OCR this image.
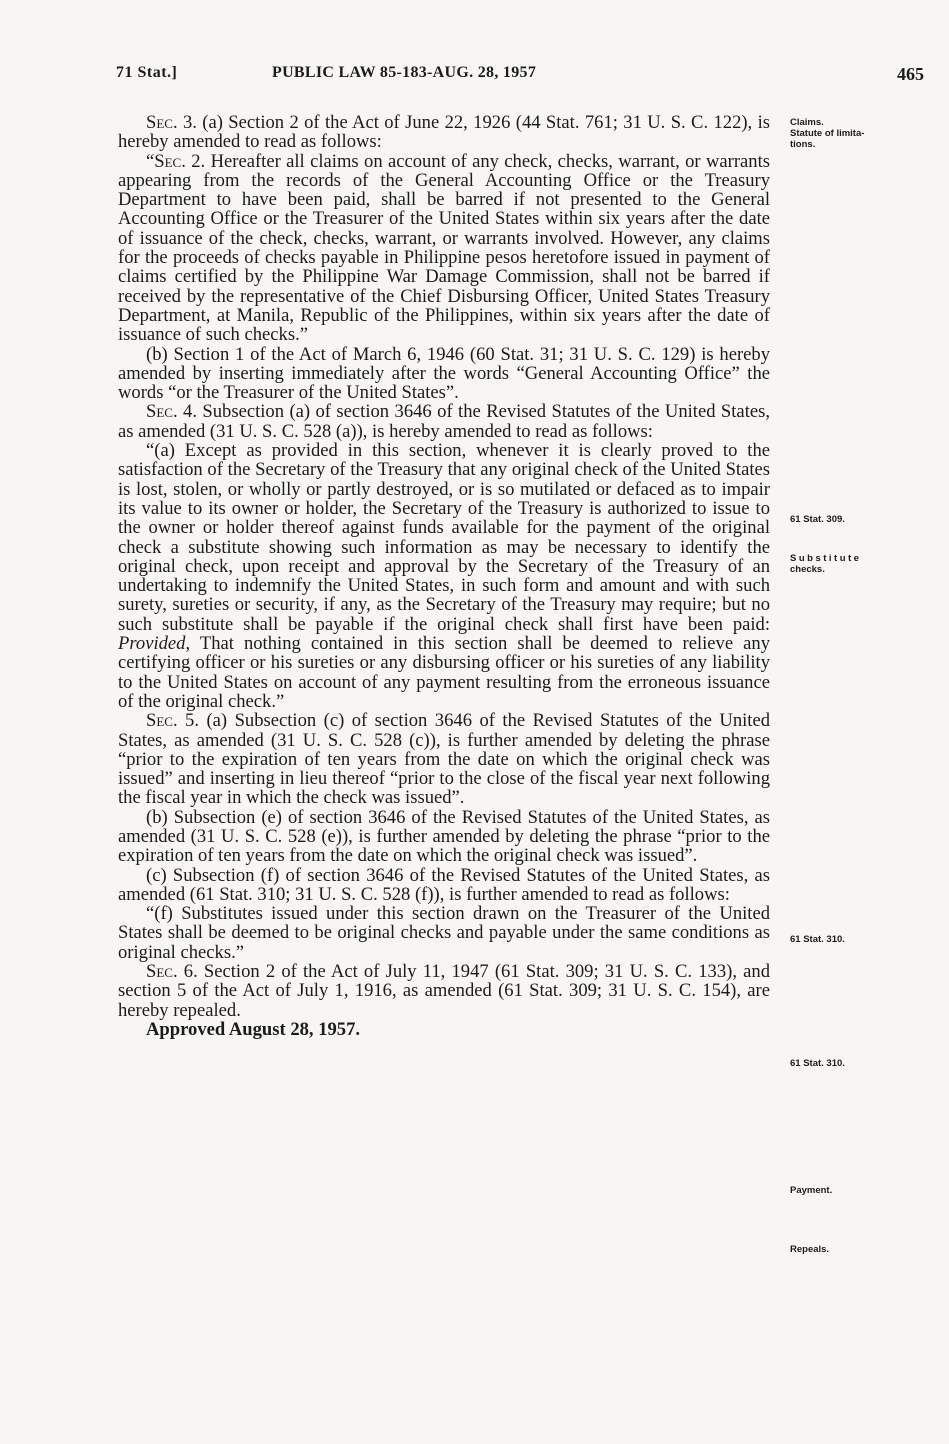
71 Stat.]	PUBLIC LAW 85-183-AUG. 28, 1957	465

Sec. 3. (a) Section 2 of the Act of June 22, 1926 (44 Stat. 761; 31 U. S. C. 122), is hereby amended to read as follows:

“Sec. 2. Hereafter all claims on account of any check, checks, warrant, or warrants appearing from the records of the General Accounting Office or the Treasury Department to have been paid, shall be barred if not presented to the General Accounting Office or the Treasurer of the United States within six years after the date of issuance of the check, checks, warrant, or warrants involved. However, any claims for the proceeds of checks payable in Philippine pesos heretofore issued in payment of claims certified by the Philippine War Damage Commission, shall not be barred if received by the representative of the Chief Disbursing Officer, United States Treasury Department, at Manila, Republic of the Philippines, within six years after the date of issuance of such checks.”

(b) Section 1 of the Act of March 6, 1946 (60 Stat. 31; 31 U. S. C. 129) is hereby amended by inserting immediately after the words “General Accounting Office” the words “or the Treasurer of the United States”.

Sec. 4. Subsection (a) of section 3646 of the Revised Statutes of the United States, as amended (31 U. S. C. 528 (a)), is hereby amended to read as follows:

“(a) Except as provided in this section, whenever it is clearly proved to the satisfaction of the Secretary of the Treasury that any original check of the United States is lost, stolen, or wholly or partly destroyed, or is so mutilated or defaced as to impair its value to its owner or holder, the Secretary of the Treasury is authorized to issue to the owner or holder thereof against funds available for the payment of the original check a substitute showing such information as may be necessary to identify the original check, upon receipt and approval by the Secretary of the Treasury of an undertaking to indemnify the United States, in such form and amount and with such surety, sureties or security, if any, as the Secretary of the Treasury may require; but no such substitute shall be payable if the original check shall first have been paid: Provided, That nothing contained in this section shall be deemed to relieve any certifying officer or his sureties or any disbursing officer or his sureties of any liability to the United States on account of any payment resulting from the erroneous issuance of the original check.”

Sec. 5. (a) Subsection (c) of section 3646 of the Revised Statutes of the United States, as amended (31 U. S. C. 528 (c)), is further amended by deleting the phrase “prior to the expiration of ten years from the date on which the original check was issued” and inserting in lieu thereof “prior to the close of the fiscal year next following the fiscal year in which the check was issued”.

(b) Subsection (e) of section 3646 of the Revised Statutes of the United States, as amended (31 U. S. C. 528 (e)), is further amended by deleting the phrase “prior to the expiration of ten years from the date on which the original check was issued”.

(c) Subsection (f) of section 3646 of the Revised Statutes of the United States, as amended (61 Stat. 310; 31 U. S. C. 528 (f)), is further amended to read as follows:

“(f) Substitutes issued under this section drawn on the Treasurer of the United States shall be deemed to be original checks and payable under the same conditions as original checks.”

Sec. 6. Section 2 of the Act of July 11, 1947 (61 Stat. 309; 31 U. S. C. 133), and section 5 of the Act of July 1, 1916, as amended (61 Stat. 309; 31 U. S. C. 154), are hereby repealed.

Approved August 28, 1957.

Claims.
Statute of limita-
tions.
61 Stat. 309.
Substitute
checks.
61 Stat. 310.
61 Stat. 310.
Payment.
Repeals.
